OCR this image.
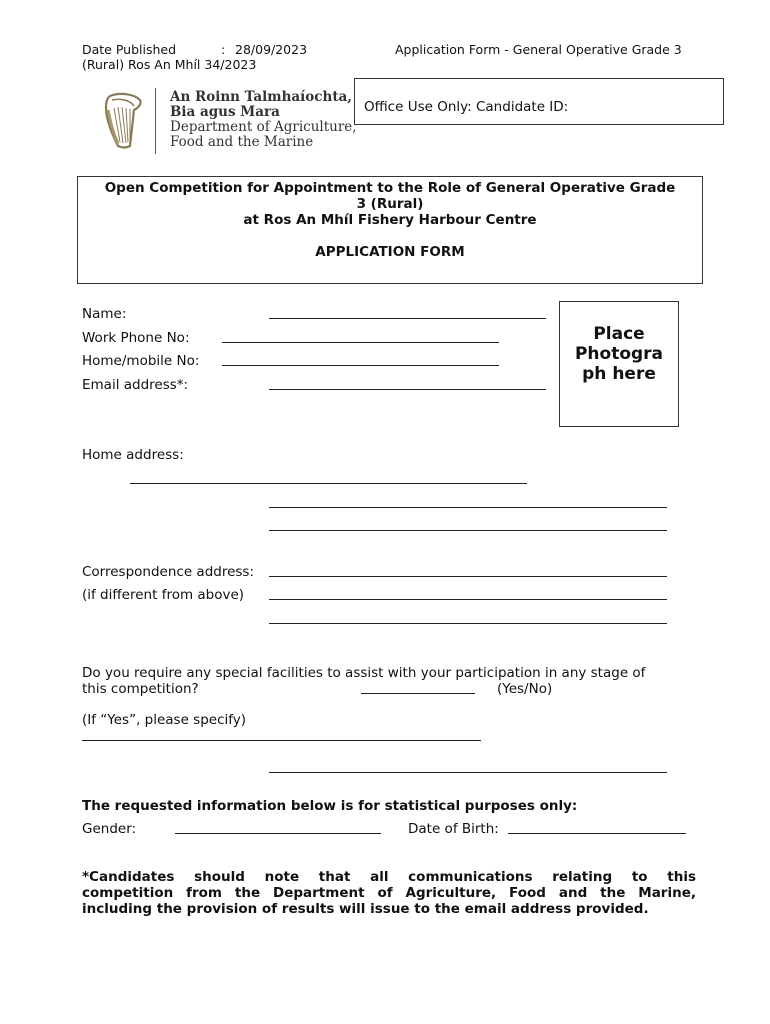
Date Published	: 28/09/2023	Application Form - General Operative Grade 3
(Rural) Ros An Mhíl 34/2023
An Roinn Talmhaíochta,
Bia agus Mara
Department of Agriculture,
Food and the Marine
Office Use Only: Candidate ID:
Open Competition for Appointment to the Role of General Operative Grade
3 (Rural)
at Ros An Mhíl Fishery Harbour Centre
APPLICATION FORM
Name:
Work Phone No:
Home/mobile No:
Email address*:
Place
Photogra
ph here
Home address:
Correspondence address:
(if different from above)
Do you require any special facilities to assist with your participation in any stage of
this competition?	(Yes/No)
(If “Yes”, please specify)
The requested information below is for statistical purposes only:
Gender:	Date of Birth:
*Candidates should note that all communications relating to this
competition from the Department of Agriculture, Food and the Marine,
including the provision of results will issue to the email address provided.
